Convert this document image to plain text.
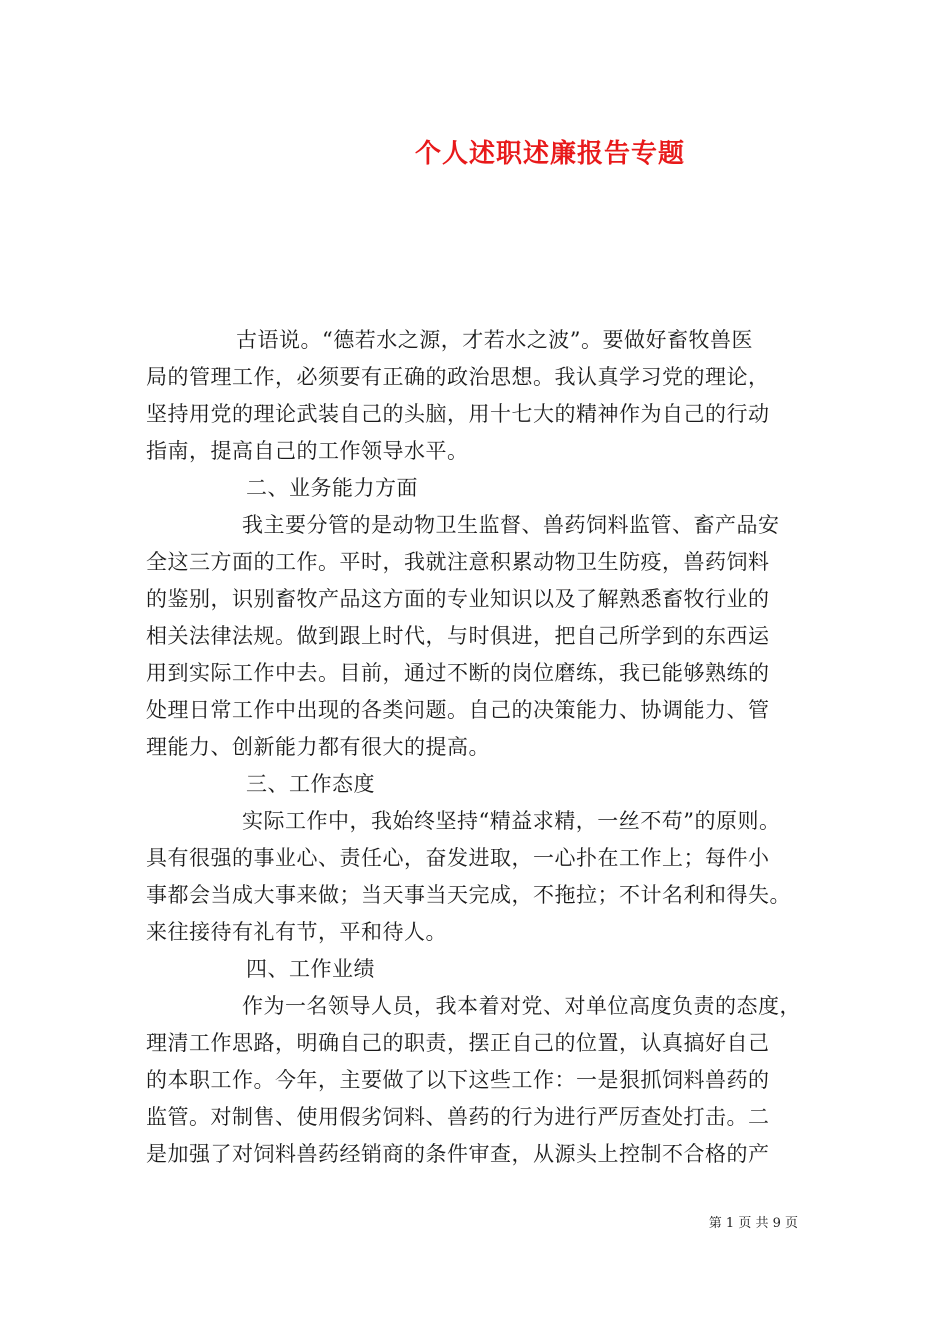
个人述职述廉报告专题
古语说。“德若水之源，才若水之波”。要做好畜牧兽医
局的管理工作，必须要有正确的政治思想。我认真学习党的理论，
坚持用党的理论武装自己的头脑，用十七大的精神作为自己的行动
指南，提高自己的工作领导水平。
二、业务能力方面
我主要分管的是动物卫生监督、兽药饲料监管、畜产品安
全这三方面的工作。平时，我就注意积累动物卫生防疫，兽药饲料
的鉴别，识别畜牧产品这方面的专业知识以及了解熟悉畜牧行业的
相关法律法规。做到跟上时代，与时俱进，把自己所学到的东西运
用到实际工作中去。目前，通过不断的岗位磨练，我已能够熟练的
处理日常工作中出现的各类问题。自己的决策能力、协调能力、管
理能力、创新能力都有很大的提高。
三、工作态度
实际工作中，我始终坚持“精益求精，一丝不苟”的原则。
具有很强的事业心、责任心，奋发进取，一心扑在工作上；每件小
事都会当成大事来做；当天事当天完成，不拖拉；不计名利和得失。
来往接待有礼有节，平和待人。
四、工作业绩
作为一名领导人员，我本着对党、对单位高度负责的态度，
理清工作思路，明确自己的职责，摆正自己的位置，认真搞好自己
的本职工作。今年，主要做了以下这些工作：一是狠抓饲料兽药的
监管。对制售、使用假劣饲料、兽药的行为进行严厉查处打击。二
是加强了对饲料兽药经销商的条件审查，从源头上控制不合格的产
第 1 页 共 9 页
